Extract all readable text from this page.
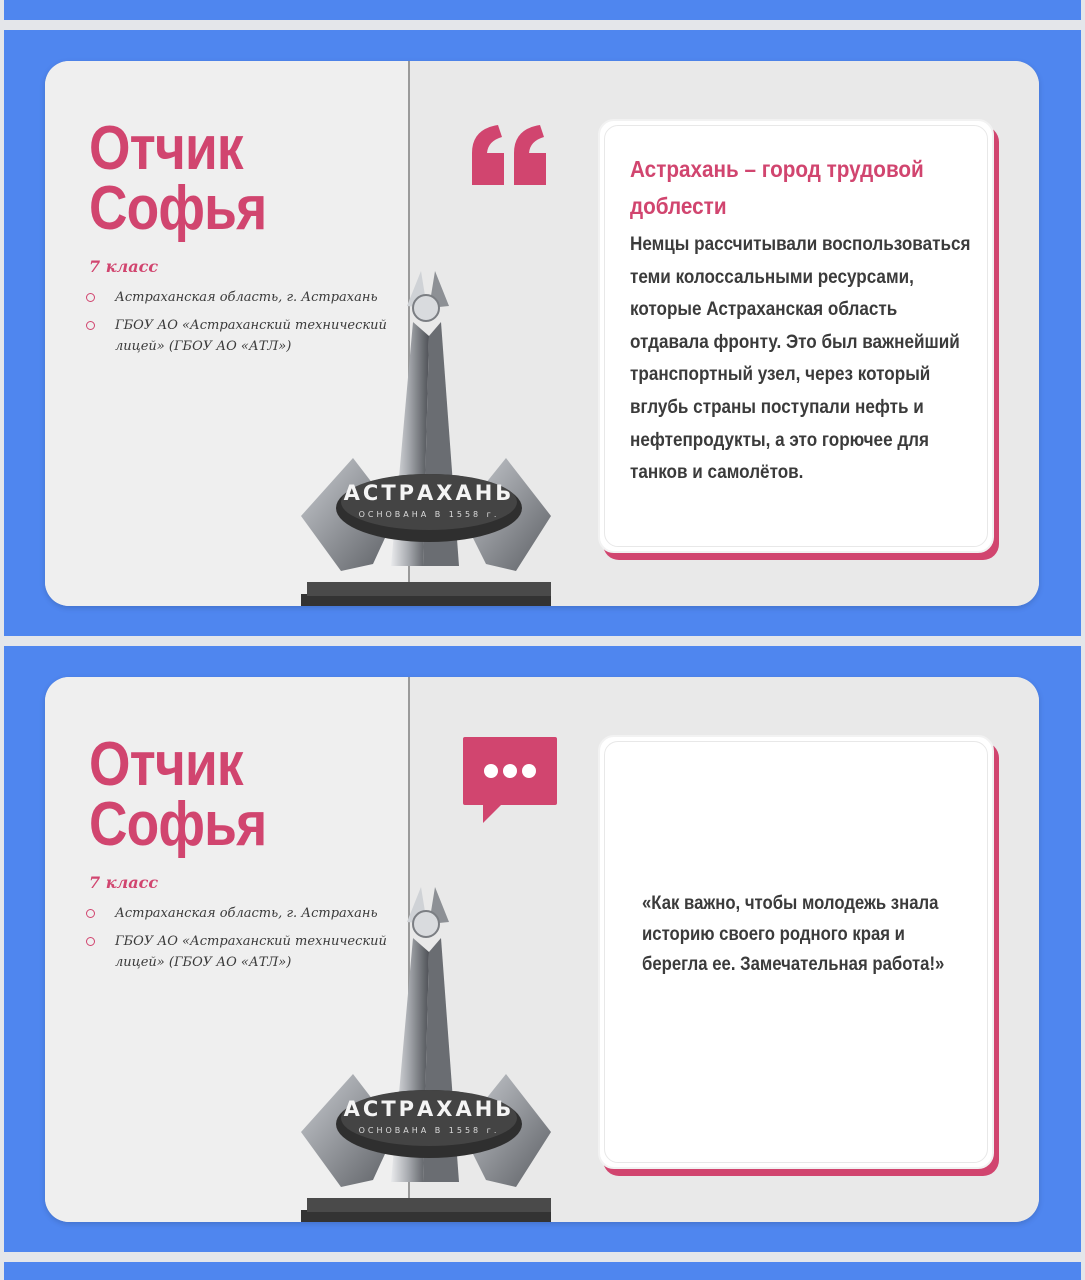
Отчик
Софья
7 класс
Астраханская область, г. Астрахань
ГБОУ АО «Астраханский технический лицей» (ГБОУ АО «АТЛ»)
АСТРАХАНЬ
ОСНОВАНА В 1558 г.
Астрахань – город трудовой доблести

Немцы рассчитывали воспользоваться теми колоссальными ресурсами, которые Астраханская область отдавала фронту. Это был важнейший транспортный узел, через который вглубь страны поступали нефть и нефтепродукты, а это горючее для танков и самолётов.

Отчик
Софья
7 класс
Астраханская область, г. Астрахань
ГБОУ АО «Астраханский технический лицей» (ГБОУ АО «АТЛ»)
АСТРАХАНЬ
ОСНОВАНА В 1558 г.

«Как важно, чтобы молодежь знала историю своего родного края и берегла ее. Замечательная работа!»
